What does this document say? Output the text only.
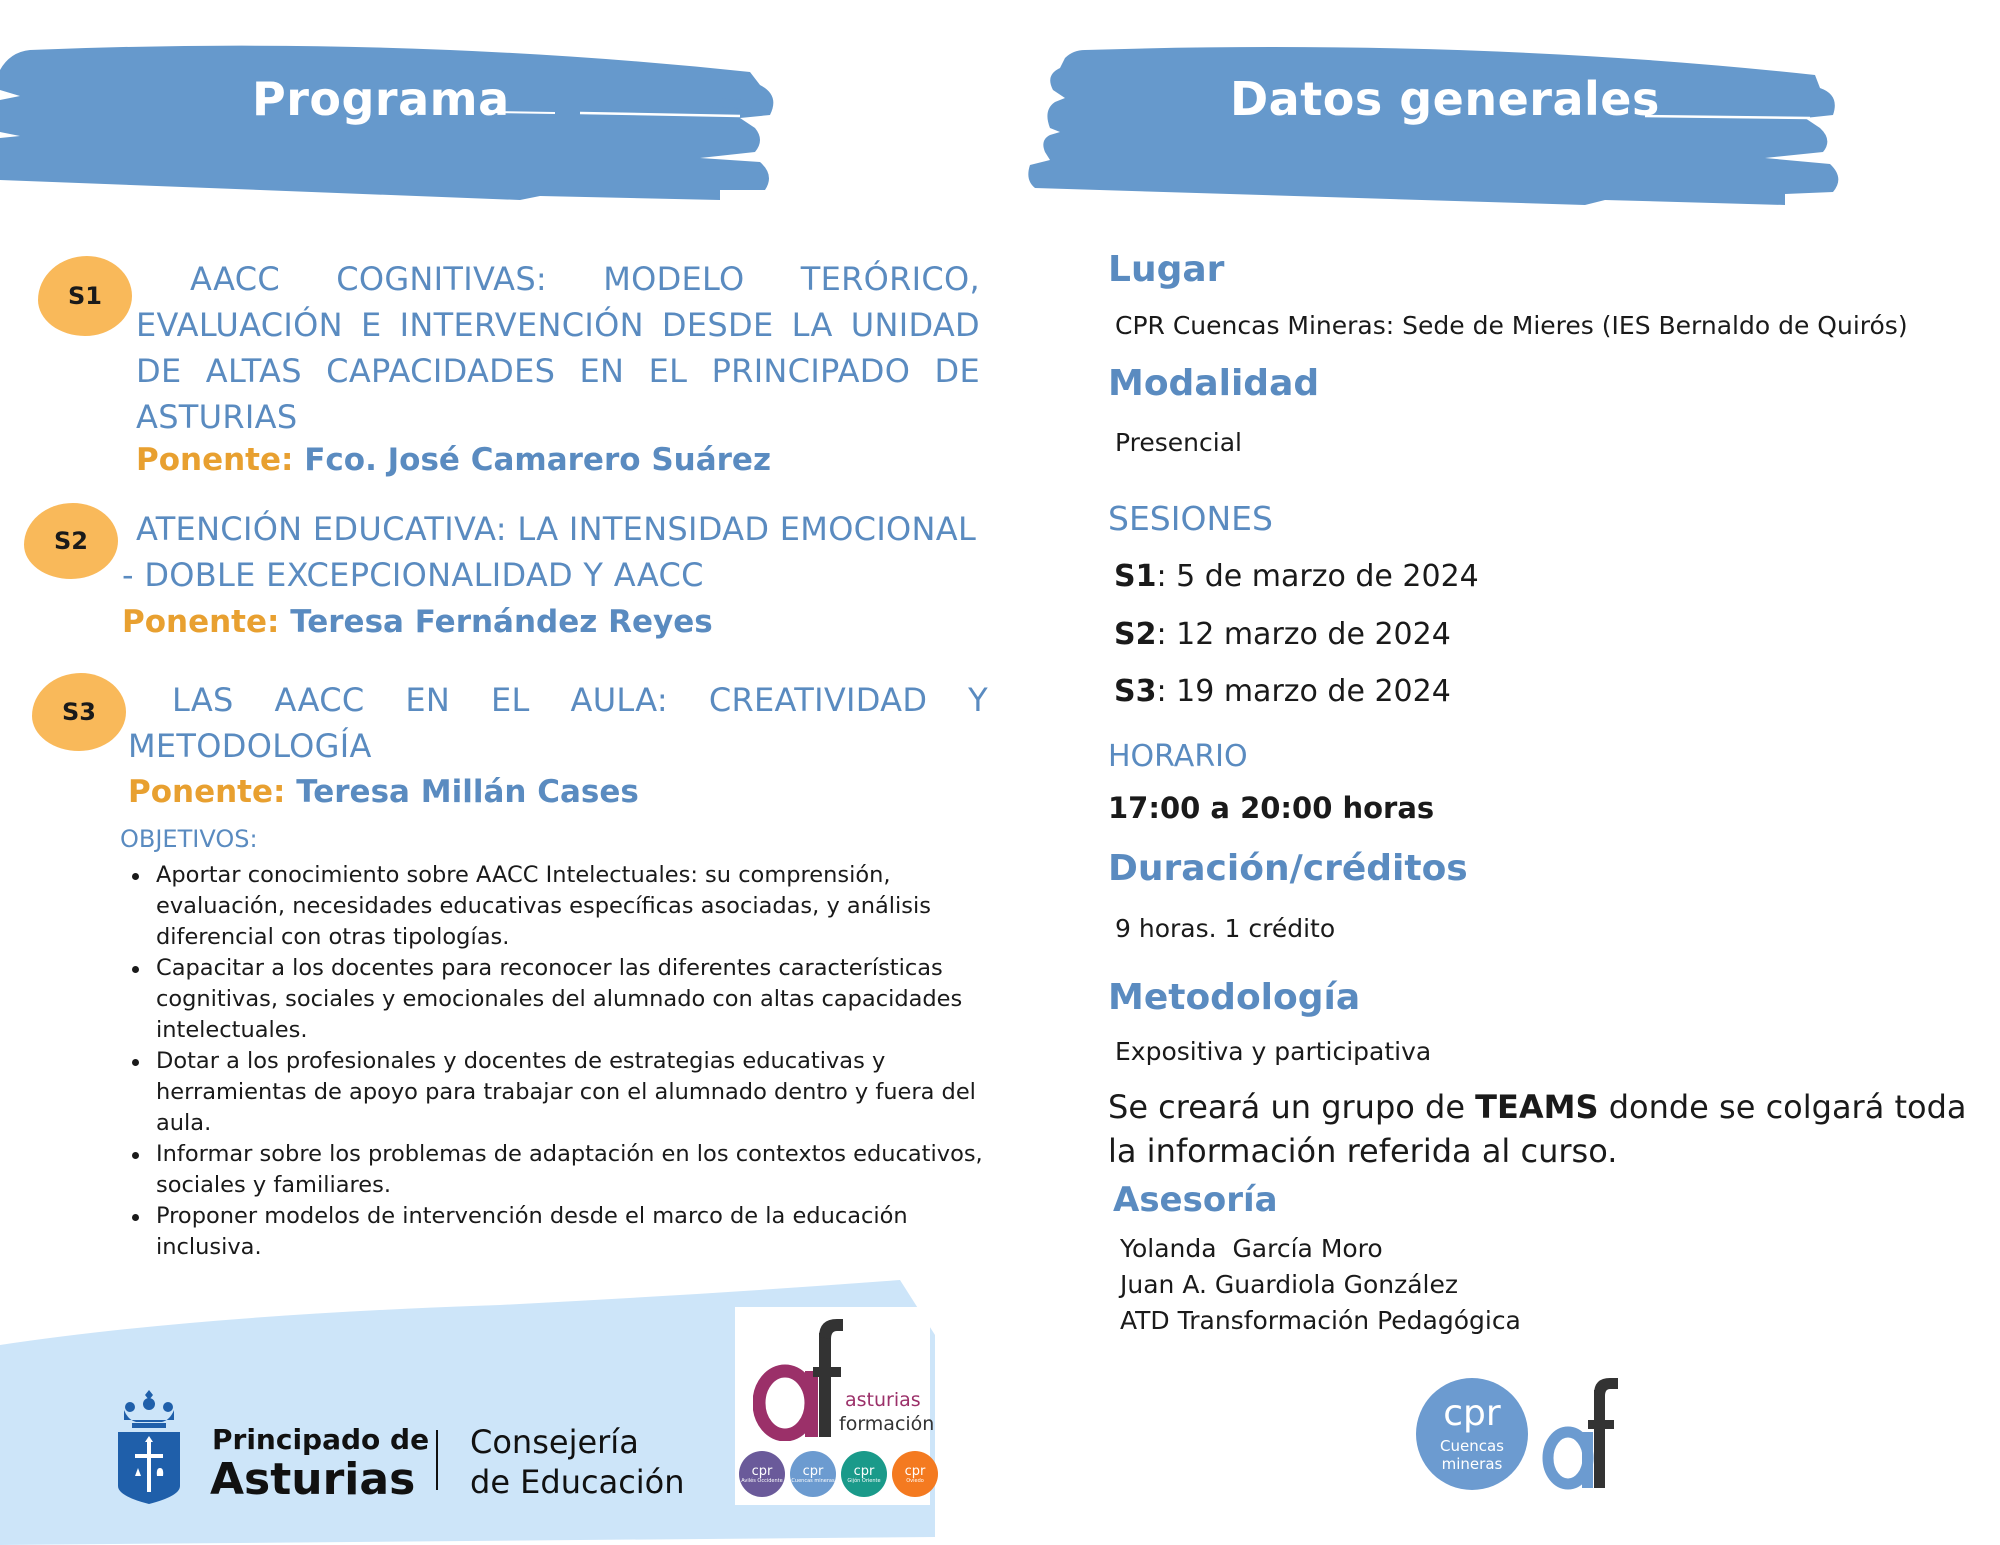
Programa	Datos generales
S1	AACC COGNITIVAS: MODELO TERÓRICO, EVALUACIÓN E INTERVENCIÓN DESDE LA UNIDAD DE ALTAS CAPACIDADES EN EL PRINCIPADO DE ASTURIAS
Ponente: Fco. José Camarero Suárez
S2	ATENCIÓN EDUCATIVA: LA INTENSIDAD EMOCIONAL - DOBLE EXCEPCIONALIDAD Y AACC
Ponente: Teresa Fernández Reyes
S3	LAS AACC EN EL AULA: CREATIVIDAD Y METODOLOGÍA
Ponente: Teresa Millán Cases
OBJETIVOS:
Aportar conocimiento sobre AACC Intelectuales: su comprensión, evaluación, necesidades educativas específicas asociadas, y análisis diferencial con otras tipologías.
Capacitar a los docentes para reconocer las diferentes características cognitivas, sociales y emocionales del alumnado con altas capacidades intelectuales.
Dotar a los profesionales y docentes de estrategias educativas y herramientas de apoyo para trabajar con el alumnado dentro y fuera del aula.
Informar sobre los problemas de adaptación en los contextos educativos, sociales y familiares.
Proponer modelos de intervención desde el marco de la educación inclusiva.
Principado de
Asturias
Consejería
de Educación
asturias
formación
cpr
Avilés Occidente
cpr
Cuencas mineras
cpr
Gijón Oriente
cpr
Oviedo
Lugar
CPR Cuencas Mineras: Sede de Mieres (IES Bernaldo de Quirós)
Modalidad
Presencial
SESIONES
S1: 5 de marzo de 2024
S2: 12 marzo de 2024
S3: 19 marzo de 2024
HORARIO
17:00 a 20:00 horas
Duración/créditos
9 horas. 1 crédito
Metodología
Expositiva y participativa
Se creará un grupo de TEAMS donde se colgará toda la información referida al curso.
Asesoría
Yolanda  García Moro
Juan A. Guardiola González
ATD Transformación Pedagógica
cpr
Cuencas
mineras
